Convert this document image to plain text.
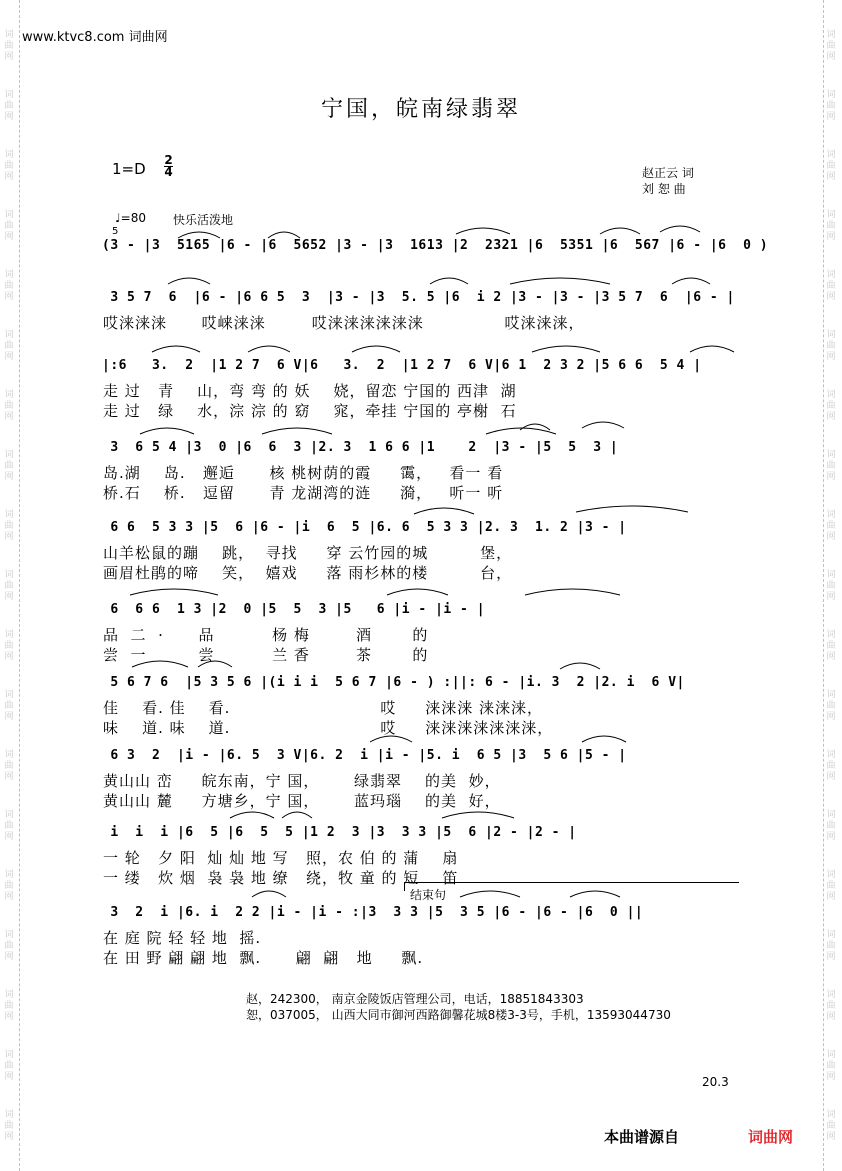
词曲网
词曲网
词曲网
词曲网
词曲网
词曲网
词曲网
词曲网
词曲网
词曲网
词曲网
词曲网
词曲网
词曲网
词曲网
词曲网
词曲网
词曲网
词曲网
词曲网
词曲网
词曲网
词曲网
词曲网
词曲网
词曲网
词曲网
词曲网
词曲网
词曲网
词曲网
词曲网
词曲网
词曲网
词曲网
词曲网
词曲网
词曲网
www.ktvc8.com 词曲网
宁国，皖南绿翡翠
1=D 2
4	赵正云 词
刘 恕 曲
♩=80 快乐活泼地
5
(3 - |3  5165 |6 - |6  5652 |3 - |3  1613 |2  2321 |6  5351 |6  567 |6 - |6  0 )
3 5 7  6  |6 - |6 6 5  3  |3 - |3  5. 5 |6  i 2 |3 - |3 - |3 5 7  6  |6 - |
哎涞涞涞      哎崃涞涞        哎涞涞涞涞涞涞              哎涞涞涞，
|:6   3.  2  |1 2 7  6 V|6   3.  2  |1 2 7  6 V|6 1  2 3 2 |5 6 6  5 4 |
走 过   青    山，弯 弯 的 妖    娆，留恋 宁国的 西津  湖
走 过   绿    水，淙 淙 的 窈    窕，牵挂 宁国的 亭榭  石
3  6 5 4 |3  0 |6  6  3 |2. 3  1 6 6 |1    2  |3 - |5  5  3 |
岛.湖    岛.   邂逅      核 桃树荫的霞     霭，   看一 看
桥.石    桥.   逗留      青 龙湖湾的涟     漪，   听一 听
6 6  5 3 3 |5  6 |6 - |i  6  5 |6. 6  5 3 3 |2. 3  1. 2 |3 - |
山羊松鼠的蹦    跳，  寻找     穿 云竹园的城         堡，
画眉杜鹃的啼    笑，  嬉戏     落 雨杉林的楼         台，
6  6 6  1 3 |2  0 |5  5  3 |5   6 |i - |i - |
品  二  ·      品          杨 梅        酒       的
尝  一         尝          兰 香        茶       的
5 6 7 6  |5 3 5 6 |(i i i  5 6 7 |6 - ) :||: 6 - |i. 3  2 |2. i  6 V|
佳    看. 佳    看.                          哎     涞涞涞 涞涞涞，
味    道. 味    道.                          哎     涞涞涞涞涞涞涞，
6 3  2  |i - |6. 5  3 V|6. 2  i |i - |5. i  6 5 |3  5 6 |5 - |
黄山山 峦     皖东南，宁 国，      绿翡翠    的美  妙，
黄山山 麓     方塘乡，宁 国，      蓝玛瑙    的美  好，
i  i  i |6  5 |6  5  5 |1 2  3 |3  3 3 |5  6 |2 - |2 - |
一 轮   夕 阳  灿 灿 地 写   照，农 伯 的 蒲    扇
一 缕   炊 烟  袅 袅 地 缭   绕，牧 童 的 短    笛
3  2  i |6. i  2 2 |i - |i - :|3  3 3 |5  3 5 |6 - |6 - |6  0 ||
在 庭 院 轻 轻 地  摇.
在 田 野 翩 翩 地  飘.      翩  翩   地     飘.
结束句
赵，242300， 南京金陵饭店管理公司，电话，18851843303
恕，037005， 山西大同市御河西路御馨花城8楼3-3号，手机，13593044730
20.3
本曲谱源自	词曲网
